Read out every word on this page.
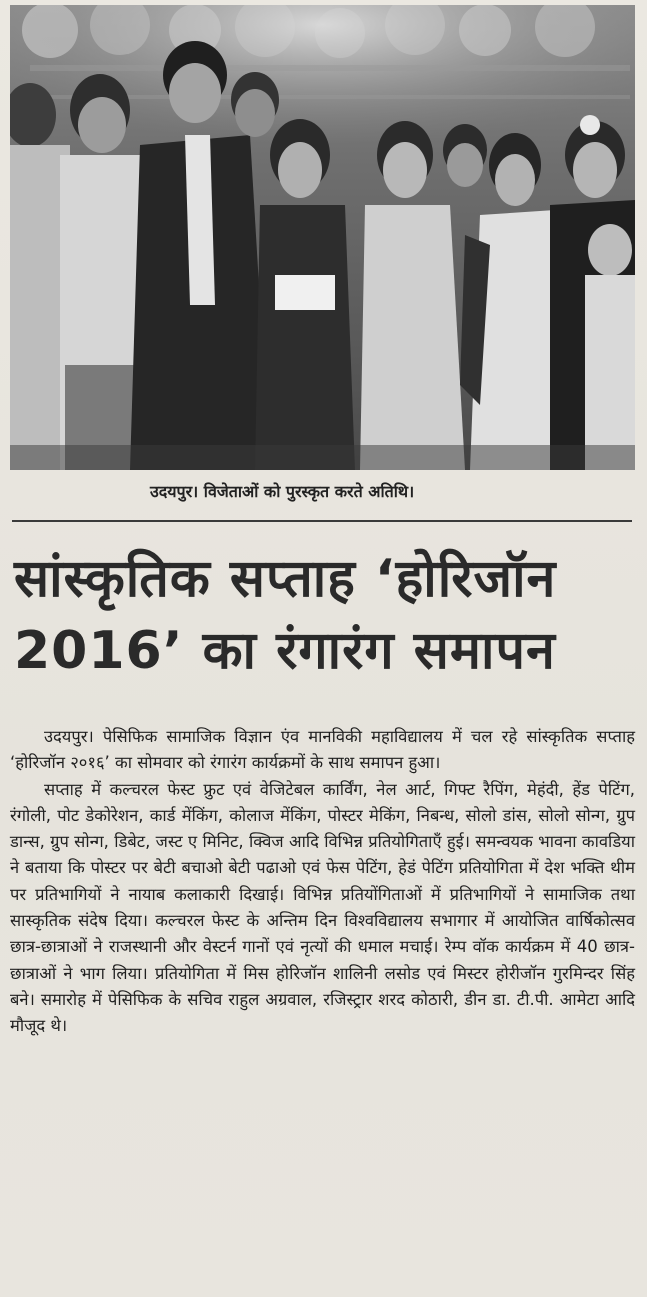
उदयपुर। विजेताओं को पुरस्कृत करते अतिथि।
सांस्कृतिक सप्ताह ‘होरिजॉन
2016’ का रंगारंग समापन

उदयपुर। पेसिफिक सामाजिक विज्ञान एंव मानविकी महाविद्यालय में चल रहे सांस्कृतिक सप्ताह ‘होरिजॉन २०१६’ का सोमवार को रंगारंग कार्यक्रमों के साथ समापन हुआ।

सप्ताह में कल्चरल फेस्ट फ्रुट एवं वेजिटेबल कार्विंग, नेल आर्ट, गिफ्ट रैपिंग, मेहंदी, हेंड पेटिंग, रंगोली, पोट डेकोरेशन, कार्ड मेंकिंग, कोलाज मेंकिंग, पोस्टर मेकिंग, निबन्ध, सोलो डांस, सोलो सोन्ग, ग्रुप डान्स, ग्रुप सोन्ग, डिबेट, जस्ट ए मिनिट, क्विज आदि विभिन्न प्रतियोगिताएँ हुई। समन्वयक भावना कावडिया ने बताया कि पोस्टर पर बेटी बचाओ बेटी पढाओ एवं फेस पेटिंग, हेडं पेटिंग प्रतियोगिता में देश भक्ति थीम पर प्रतिभागियों ने नायाब कलाकारी दिखाई। विभिन्न प्रतियोंगिताओं में प्रतिभागियों ने सामाजिक तथा सास्कृतिक संदेष दिया। कल्चरल फेस्ट के अन्तिम दिन विश्वविद्यालय सभागार में आयोजित वार्षिकोत्सव छात्र-छात्राओं ने राजस्थानी और वेस्टर्न गानों एवं नृत्यों की धमाल मचाई। रेम्प वॉक कार्यक्रम में 40 छात्र-छात्राओं ने भाग लिया। प्रतियोगिता में मिस होरिजॉन शालिनी लसोड एवं मिस्टर होरीजॉन गुरमिन्दर सिंह बने। समारोह में पेसिफिक के सचिव राहुल अग्रवाल, रजिस्ट्रार शरद कोठारी, डीन डा. टी.पी. आमेटा आदि मौजूद थे।
